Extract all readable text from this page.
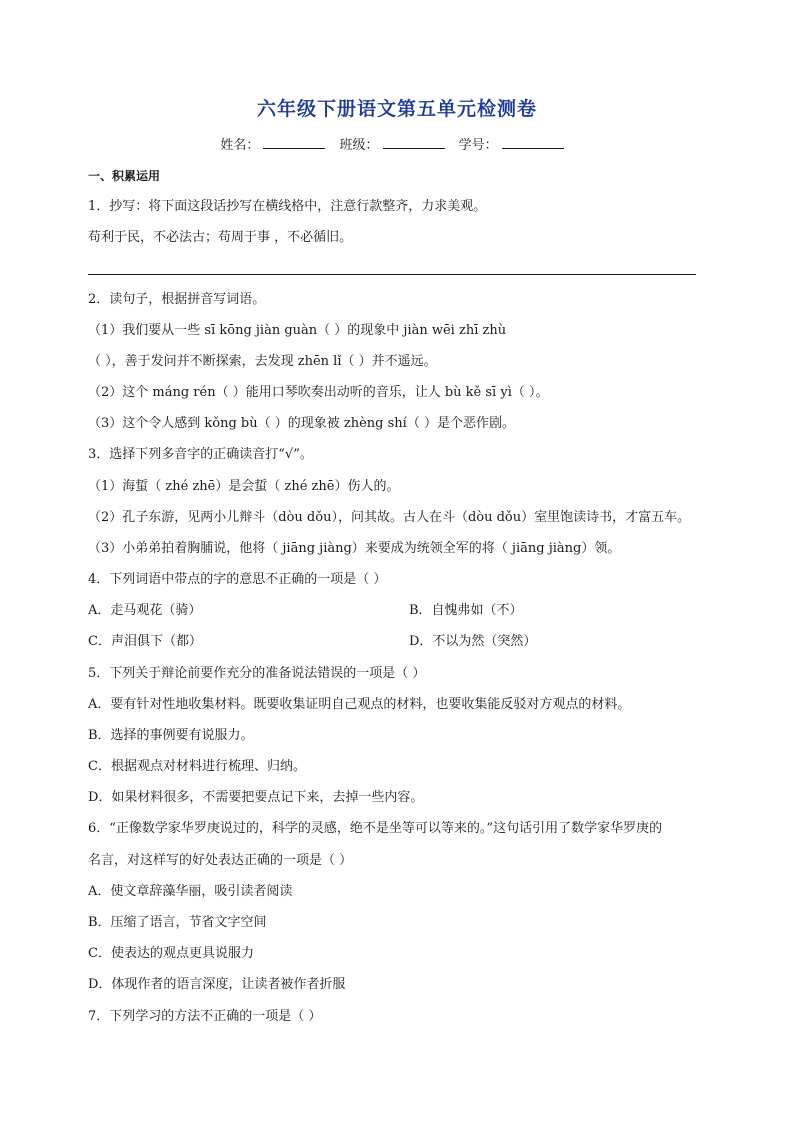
六年级下册语文第五单元检测卷
姓名：	班级：	学号：
一、积累运用
1．抄写：将下面这段话抄写在横线格中，注意行款整齐，力求美观。
苟利于民，不必法古；苟周于事 ，不必循旧。
2．读句子，根据拼音写词语。
（1）我们要从一些 sī kōng jiàn guàn（ ）的现象中 jiàn wēi zhī zhù
（ ），善于发问并不断探索，去发现 zhēn lǐ（ ）并不遥远。
（2）这个 máng rén（ ）能用口琴吹奏出动听的音乐，让人 bù kě sī yì（ ）。
（3）这个令人感到 kǒng bù（ ）的现象被 zhèng shí（ ）是个恶作剧。
3．选择下列多音字的正确读音打“√”。
（1）海蜇（ zhé zhē）是会蜇（ zhé zhē）伤人的。
（2）孔子东游，见两小儿辩斗（dòu dǒu），问其故。古人在斗（dòu dǒu）室里饱读诗书，才富五车。
（3）小弟弟拍着胸脯说，他将（ jiāng jiàng）来要成为统领全军的将（ jiāng jiàng）领。
4．下列词语中带点的字的意思不正确的一项是（ ）
A．走马观花（骑）	B．自愧弗如（不）
C．声泪俱下（都）	D．不以为然（突然）
5．下列关于辩论前要作充分的准备说法错误的一项是（ ）
A．要有针对性地收集材料。既要收集证明自己观点的材料，也要收集能反驳对方观点的材料。
B．选择的事例要有说服力。
C．根据观点对材料进行梳理、归纳。
D．如果材料很多，不需要把要点记下来，去掉一些内容。
6．“正像数学家华罗庚说过的，科学的灵感，绝不是坐等可以等来的。”这句话引用了数学家华罗庚的
名言，对这样写的好处表达正确的一项是（ ）
A．使文章辞藻华丽，吸引读者阅读
B．压缩了语言，节省文字空间
C．使表达的观点更具说服力
D．体现作者的语言深度，让读者被作者折服
7．下列学习的方法不正确的一项是（ ）
